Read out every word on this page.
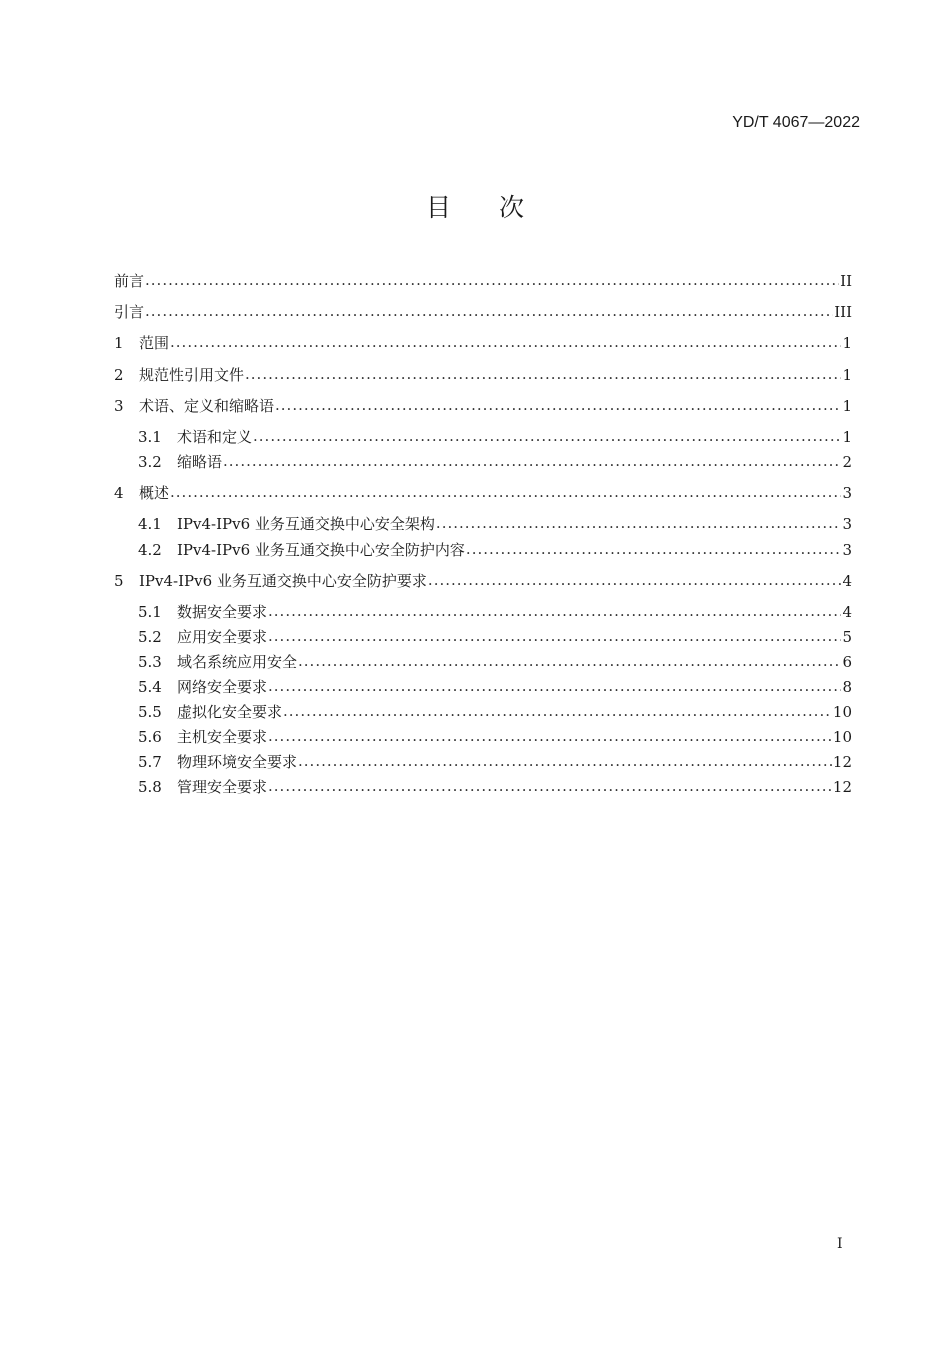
YD/T 4067—2022
目 次
前言 .....	II
引言 .....	III
1	范围 .....	1
2	规范性引用文件 .....	1
3	术语、定义和缩略语 .....	1
3.1	术语和定义 .....	1
3.2	缩略语 .....	2
4	概述 .....	3
4.1	IPv4-IPv6 业务互通交换中心安全架构 .....	3
4.2	IPv4-IPv6 业务互通交换中心安全防护内容 .....	3
5	IPv4-IPv6 业务互通交换中心安全防护要求 .....	4
5.1	数据安全要求 .....	4
5.2	应用安全要求 .....	5
5.3	域名系统应用安全 .....	6
5.4	网络安全要求 .....	8
5.5	虚拟化安全要求 .....	10
5.6	主机安全要求 .....	10
5.7	物理环境安全要求 .....	12
5.8	管理安全要求 .....	12
I
